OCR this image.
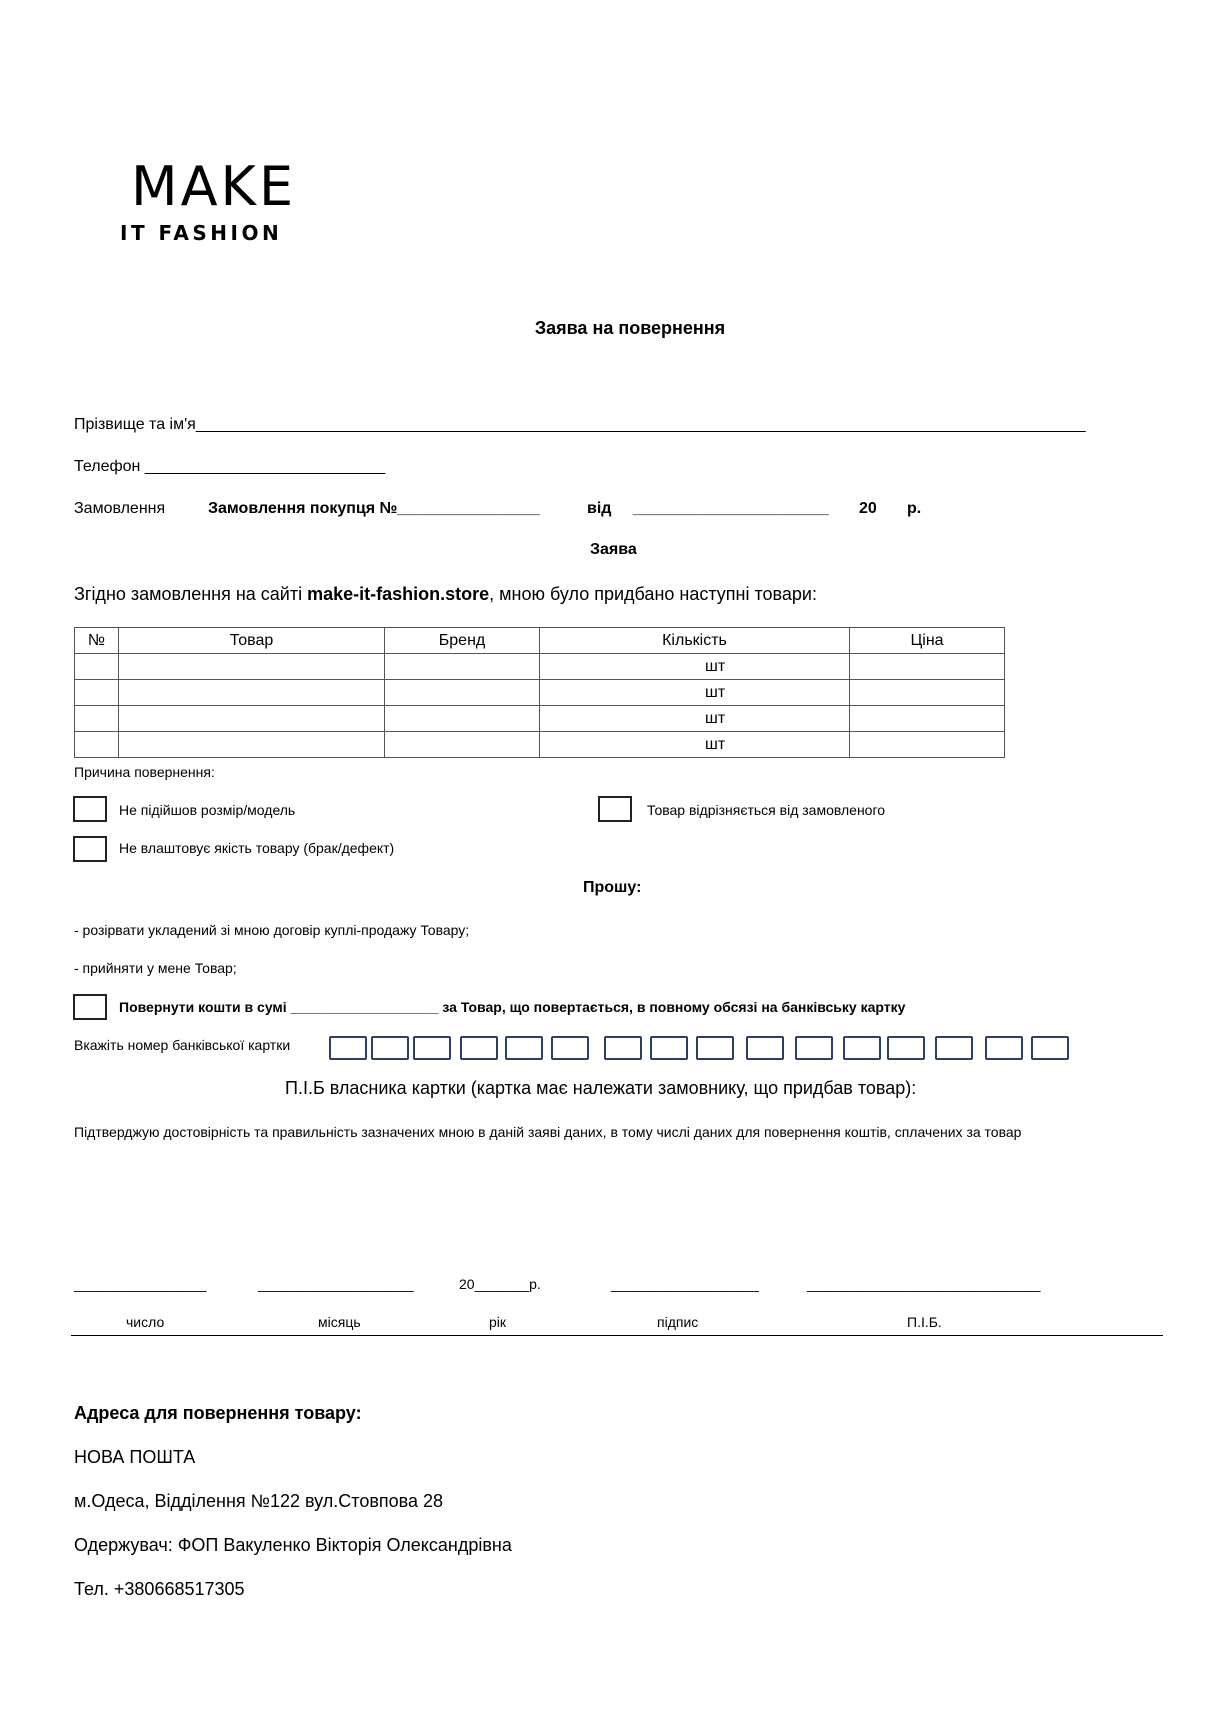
MAKE
IT FASHION
Заява на повернення
Прізвище та ім'я____________________________________________________________________________________________________
Телефон ___________________________
Замовлення	Замовлення покупця №________________	від ______________________ 20 р.
Заява
Згідно замовлення на сайті make-it-fashion.store, мною було придбано наступні товари:
№	Товар	Бренд	Кількість	Ціна
			шт	
			шт	
			шт	
			шт	
Причина повернення:
Не підійшов розмір/модель	Товар відрізняється від замовленого
Не влаштовує якість товару (брак/дефект)
Прошу:
- розірвати укладений зі мною договір куплі-продажу Товару;
- прийняти у мене Товар;
Повернути кошти в сумі ___________________ за Товар, що повертається, в повному обсязі на банківську картку
Вкажіть номер банківської картки
П.І.Б власника картки (картка має належати замовнику, що придбав товар):
Підтверджую достовірність та правильність зазначених мною в даній заяві даних, в тому числі даних для повернення коштів, сплачених за товар
_________________	____________________	20_______р.	___________________	______________________________
число	місяць	рік	підпис	П.І.Б.
Адреса для повернення товару:
НОВА ПОШТА
м.Одеса, Відділення №122 вул.Стовпова 28
Одержувач: ФОП Вакуленко Вікторія Олександрівна
Тел. +380668517305
